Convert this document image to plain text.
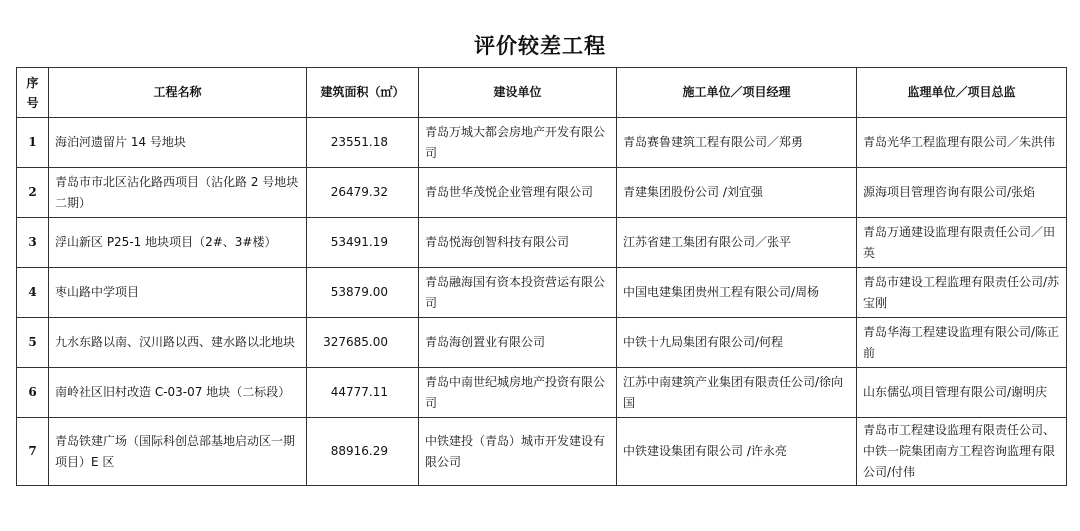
评价较差工程
序号	工程名称	建筑面积（㎡）	建设单位	施工单位／项目经理	监理单位／项目总监
1	海泊河遗留片 14 号地块	23551.18	青岛万城大都会房地产开发有限公司	青岛赛鲁建筑工程有限公司／郑勇	青岛光华工程监理有限公司／朱洪伟
2	青岛市市北区沾化路西项目（沾化路 2 号地块二期）	26479.32	青岛世华茂悦企业管理有限公司	青建集团股份公司 /刘宜强	源海项目管理咨询有限公司/张焰
3	浮山新区 P25-1 地块项目（2#、3#楼）	53491.19	青岛悦海创智科技有限公司	江苏省建工集团有限公司／张平	青岛万通建设监理有限责任公司／田英
4	枣山路中学项目	53879.00	青岛融海国有资本投资营运有限公司	中国电建集团贵州工程有限公司/周杨	青岛市建设工程监理有限责任公司/苏宝刚
5	九水东路以南、汉川路以西、建水路以北地块	327685.00	青岛海创置业有限公司	中铁十九局集团有限公司/何程	青岛华海工程建设监理有限公司/陈正前
6	南岭社区旧村改造 C-03-07 地块（二标段）	44777.11	青岛中南世纪城房地产投资有限公司	江苏中南建筑产业集团有限责任公司/徐向国	山东儒弘项目管理有限公司/谢明庆
7	青岛铁建广场（国际科创总部基地启动区一期项目）E 区	88916.29	中铁建投（青岛）城市开发建设有限公司	中铁建设集团有限公司 /许永亮	青岛市工程建设监理有限责任公司、中铁一院集团南方工程咨询监理有限公司/付伟
